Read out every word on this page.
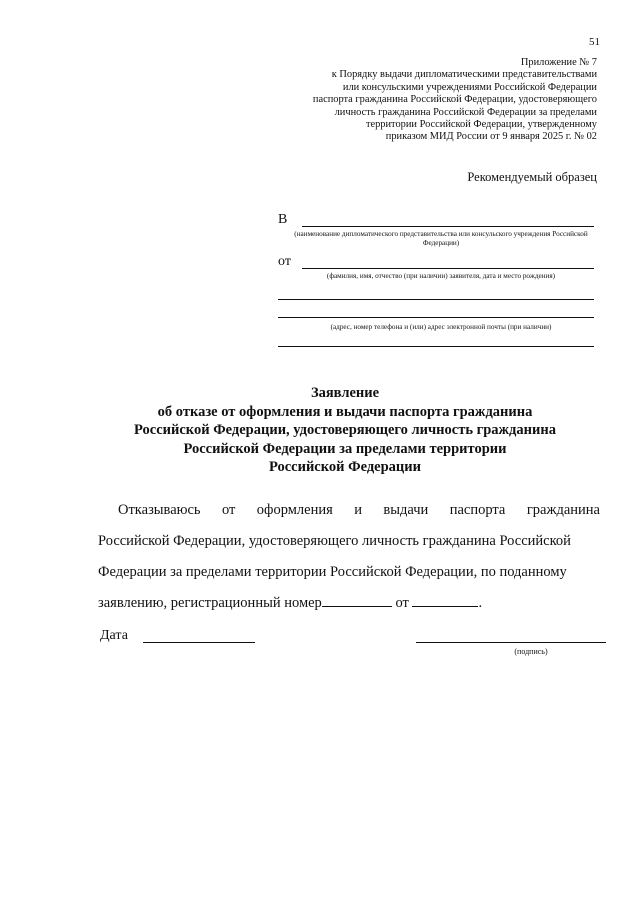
51
Приложение № 7
к Порядку выдачи дипломатическими представительствами
или консульскими учреждениями Российской Федерации
паспорта гражданина Российской Федерации, удостоверяющего
личность гражданина Российской Федерации за пределами
территории Российской Федерации, утвержденному
приказом МИД России от 9 января 2025 г. № 02
Рекомендуемый образец
В
(наименование дипломатического представительства или консульского учреждения Российской Федерации)
от
(фамилия, имя, отчество (при наличии) заявителя, дата и место рождения)
(адрес, номер телефона и (или) адрес электронной почты (при наличии)
Заявление
об отказе от оформления и выдачи паспорта гражданина
Российской Федерации, удостоверяющего личность гражданина
Российской Федерации за пределами территории
Российской Федерации
Отказываюсь от оформления и выдачи паспорта гражданина
Российской Федерации, удостоверяющего личность гражданина Российской
Федерации за пределами территории Российской Федерации, по поданному
заявлению, регистрационный номер	от	.
Дата
(подпись)
